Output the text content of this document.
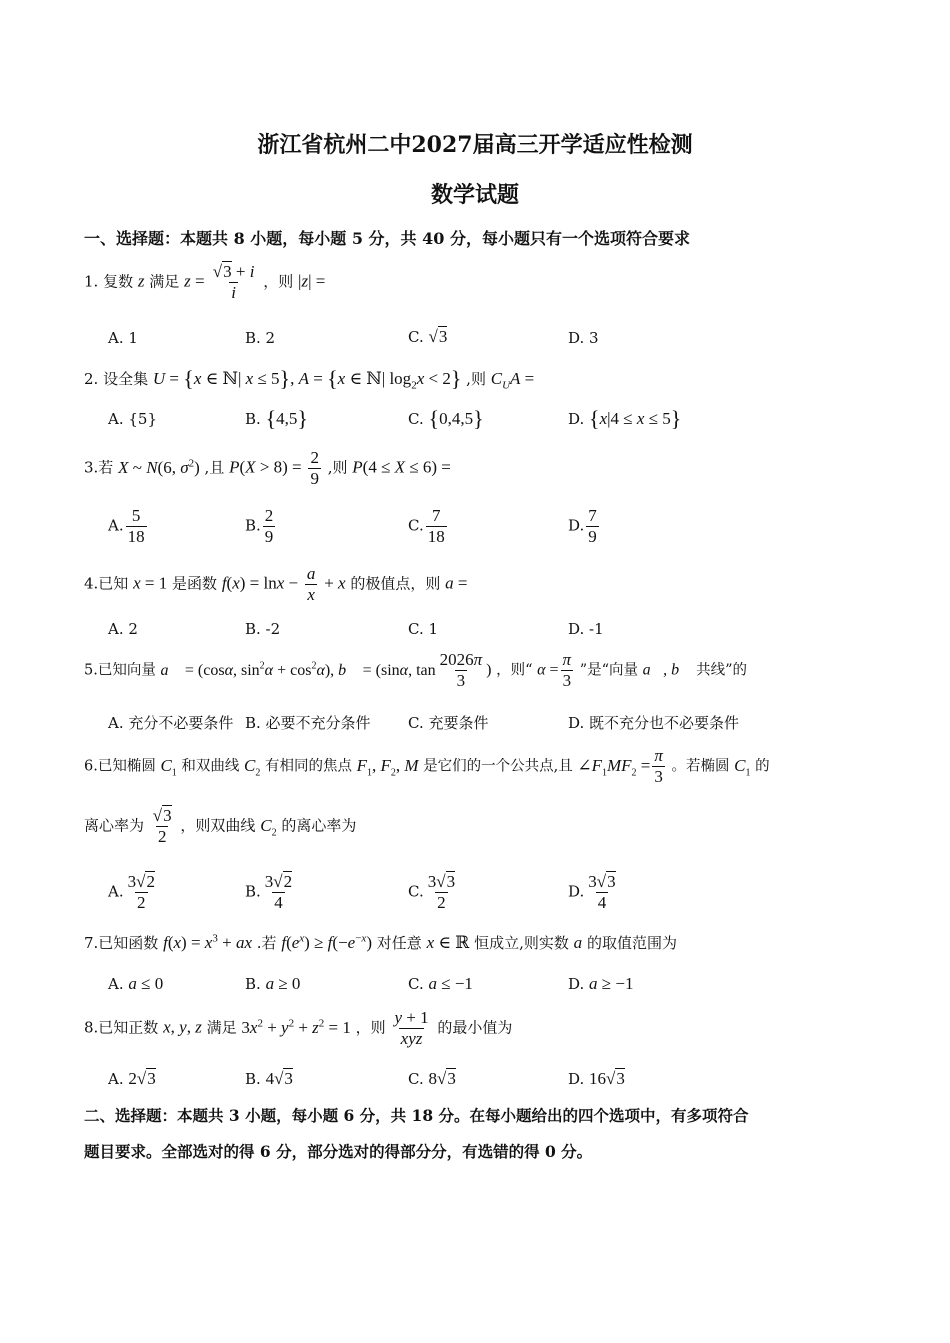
浙江省杭州二中2027届高三开学适应性检测
数学试题
一、选择题：本题共 8 小题，每小题 5 分，共 40 分，每小题只有一个选项符合要求
1. 复数 z 满足 $z = \frac{√3 + i}{i}$ ，则 |z| =
A. 1	B. 2	C. √3	D. 3
2. 设全集 U = {x ∈ ℕ| x ≤ 5}, A = {x ∈ ℕ| $\log_2x < 2$} ,则 $C_UA$ =
A. {5}	B. {4,5}	C. {0,4,5}	D. {x|4 ≤ x ≤ 5}
3.若 X ~ N(6, $\sigma^2$) ,且 $P(X > 8) = \frac{2}{9}$ ,则 P(4 ≤ X ≤ 6) =
A. $\frac{5}{18}$	B. $\frac{2}{9}$	C. $\frac{7}{18}$	D. $\frac{7}{9}$
4.已知 x = 1 是函数 $f(x) = \ln x - \frac{a}{x} + x$ 的极值点，则 a =
A. 2	B. -2	C. 1	D. -1
5.已知向量 a⃗ = (cosα, $\sin^2\alpha + \cos^2\alpha$), b⃗ = (sinα, $\tan \frac{2026\pi}{3}$ ) ，则“ $\alpha = \frac{\pi}{3}$ ”是“向量 a⃗, b⃗ 共线”的
A. 充分不必要条件 B. 必要不充分条件 C. 充要条件	D. 既不充分也不必要条件
6.已知椭圆 $C_1$ 和双曲线 $C_2$ 有相同的焦点 $F_1$, $F_2$, M 是它们的一个公共点,且 $\angle F_1MF_2 = \frac{\pi}{3}$ 。若椭圆 $C_1$ 的
离心率为 $\frac{√3}{2}$ ，则双曲线 $C_2$ 的离心率为
A. $\frac{3√2}{2}$	B. $\frac{3√2}{4}$	C. $\frac{3√3}{2}$	D. $\frac{3√3}{4}$
7.已知函数 $f(x) = x^3$ + ax .若 $f(e^x) \ge f(-e^{-x})$ 对任意 x ∈ ℝ 恒成立,则实数 a 的取值范围为
A. a ≤ 0	B. a ≥ 0	C. a ≤ −1	D. a ≥ −1
8.已知正数 x, y, z 满足 $3x^2 + y^2 + z^2 = 1$ ，则 $\frac{y + 1}{\text{xyz}}$ 的最小值为
A. 2√3	B. 4√3	C. 8√3	D. 16√3
二、选择题：本题共 3 小题，每小题 6 分，共 18 分。在每小题给出的四个选项中，有多项符合
题目要求。全部选对的得 6 分，部分选对的得部分分，有选错的得 0 分。
